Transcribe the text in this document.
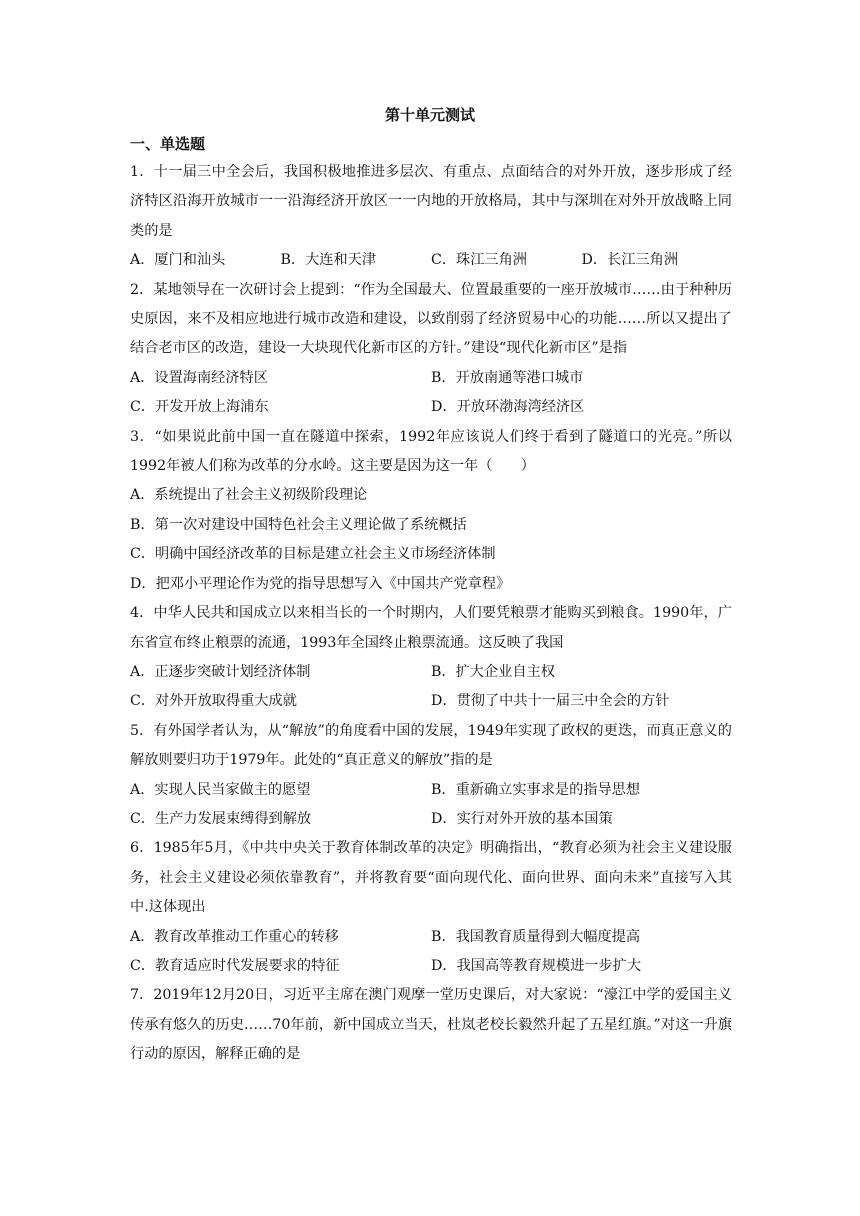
第十单元测试
一、单选题

1．十一届三中全会后，我国积极地推进多层次、有重点、点面结合的对外开放，逐步形成了经济特区沿海开放城市一一沿海经济开放区一一内地的开放格局，其中与深圳在对外开放战略上同类的是

A．厦门和汕头	B．大连和天津	C．珠江三角洲	D．长江三角洲

2．某地领导在一次研讨会上提到：“作为全国最大、位置最重要的一座开放城市……由于种种历史原因，来不及相应地进行城市改造和建设，以致削弱了经济贸易中心的功能……所以又提出了结合老市区的改造，建设一大块现代化新市区的方针。”建设“现代化新市区”是指

A．设置海南经济特区	B．开放南通等港口城市
C．开发开放上海浦东	D．开放环渤海湾经济区

3．“如果说此前中国一直在隧道中探索，1992年应该说人们终于看到了隧道口的光亮。”所以1992年被人们称为改革的分水岭。这主要是因为这一年（　　）

A．系统提出了社会主义初级阶段理论
B．第一次对建设中国特色社会主义理论做了系统概括
C．明确中国经济改革的目标是建立社会主义市场经济体制
D．把邓小平理论作为党的指导思想写入《中国共产党章程》

4．中华人民共和国成立以来相当长的一个时期内，人们要凭粮票才能购买到粮食。1990年，广东省宣布终止粮票的流通，1993年全国终止粮票流通。这反映了我国

A．正逐步突破计划经济体制	B．扩大企业自主权
C．对外开放取得重大成就	D．贯彻了中共十一届三中全会的方针

5．有外国学者认为，从“解放”的角度看中国的发展，1949年实现了政权的更迭，而真正意义的解放则要归功于1979年。此处的“真正意义的解放”指的是

A．实现人民当家做主的愿望	B．重新确立实事求是的指导思想
C．生产力发展束缚得到解放	D．实行对外开放的基本国策

6．1985年5月，《中共中央关于教育体制改革的决定》明确指出，“教育必须为社会主义建设服务，社会主义建设必须依靠教育”，并将教育要“面向现代化、面向世界、面向未来”直接写入其中.这体现出

A．教育改革推动工作重心的转移	B．我国教育质量得到大幅度提高
C．教育适应时代发展要求的特征	D．我国高等教育规模进一步扩大

7．2019年12月20日，习近平主席在澳门观摩一堂历史课后，对大家说：“濠江中学的爱国主义传承有悠久的历史……70年前，新中国成立当天，杜岚老校长毅然升起了五星红旗。”对这一升旗行动的原因，解释正确的是
